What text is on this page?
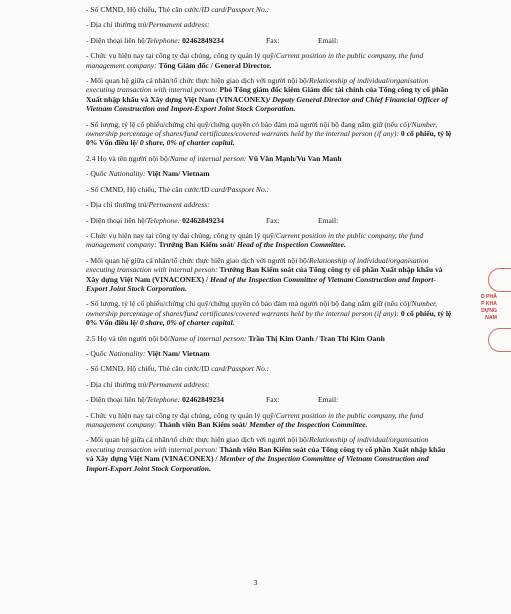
- Số CMND, Hộ chiếu, Thẻ căn cước/ID card/Passport No.:

- Địa chỉ thường trú/Permanent address:

- Điện thoại liên hệ/Telephone: 02462849234	Fax:	Email:

- Chức vụ hiện nay tại công ty đại chúng, công ty quản lý quỹ/Current position in the public company, the fund management company: Tổng Giám đốc / General Director.

- Mối quan hệ giữa cá nhân/tổ chức thực hiện giao dịch với người nội bộ/Relationship of individual/organisation executing transaction with internal person: Phó Tổng giám đốc kiêm Giám đốc tài chính của Tổng công ty cổ phần Xuất nhập khẩu và Xây dựng Việt Nam (VINACONEX)/ Deputy General Director and Chief Financial Officer of Vietnam Construction and Import-Export Joint Stock Corporation.

- Số lượng, tỷ lệ cổ phiếu/chứng chỉ quỹ/chứng quyền có bảo đảm mà người nội bộ đang nắm giữ (nếu có)/Number, ownership percentage of shares/fund certificates/covered warrants held by the internal person (if any): 0 cổ phiếu, tỷ lệ 0% Vốn điều lệ/ 0 share, 0% of charter capital.

2.4 Họ và tên người nội bộ/Name of internal person: Vũ Văn Mạnh/Vu Van Manh

- Quốc Nationality: Việt Nam/ Vietnam

- Số CMND, Hộ chiếu, Thẻ căn cước/ID card/Passport No.:

- Địa chỉ thường trú/Permanent address:

- Điện thoại liên hệ/Telephone: 02462849234	Fax:	Email:

- Chức vụ hiện nay tại công ty đại chúng, công ty quản lý quỹ/Current position in the public company, the fund management company: Trưởng Ban Kiểm soát/ Head of the Inspection Committee.

- Mối quan hệ giữa cá nhân/tổ chức thực hiện giao dịch với người nội bộ/Relationship of individual/organisation executing transaction with internal person: Trưởng Ban Kiểm soát của Tổng công ty cổ phần Xuất nhập khẩu và Xây dựng Việt Nam (VINACONEX) / Head of the Inspection Committee of Vietnam Construction and Import-Export Joint Stock Corporation.

- Số lượng, tỷ lệ cổ phiếu/chứng chỉ quỹ/chứng quyền có bảo đảm mà người nội bộ đang nắm giữ (nếu có)/Number, ownership percentage of shares/fund certificates/covered warrants held by the internal person (if any): 0 cổ phiếu, tỷ lệ 0% Vốn điều lệ/ 0 share, 0% of charter capital.

2.5 Họ và tên người nội bộ/Name of internal person: Trần Thị Kim Oanh / Tran Thi Kim Oanh

- Quốc Nationality: Việt Nam/ Vietnam

- Số CMND, Hộ chiếu, Thẻ căn cước/ID card/Passport No.:

- Địa chỉ thường trú/Permanent address:

- Điện thoại liên hệ/Telephone: 02462849234	Fax:	Email:

- Chức vụ hiện nay tại công ty đại chúng, công ty quản lý quỹ/Current position in the public company, the fund management company: Thành viên Ban Kiểm soát/ Member of the Inspection Committee.

- Mối quan hệ giữa cá nhân/tổ chức thực hiện giao dịch với người nội bộ/Relationship of individual/organisation executing transaction with internal person: Thành viên Ban Kiểm soát của Tổng công ty cổ phần Xuất nhập khẩu và Xây dựng Việt Nam (VINACONEX) / Member of the Inspection Committee of Vietnam Construction and Import-Export Joint Stock Corporation.

Ổ PHẦ
P KHẨ
DỰNG
NAM
3
